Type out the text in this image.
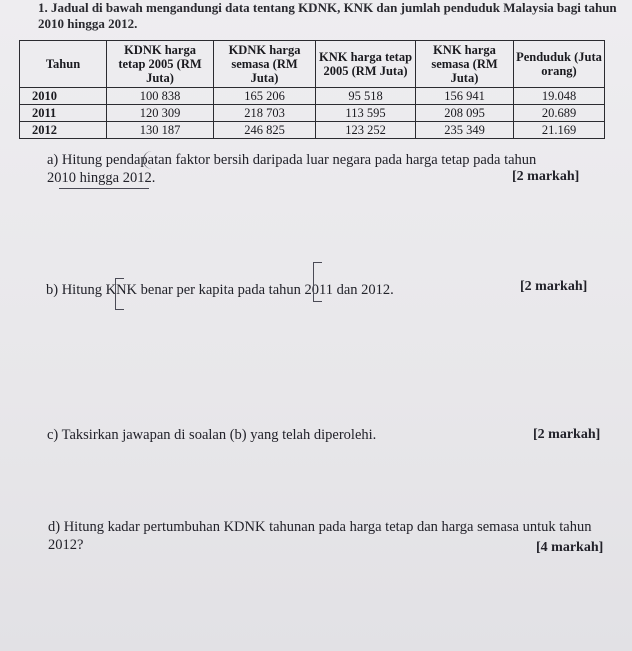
1. Jadual di bawah mengandungi data tentang KDNK, KNK dan jumlah penduduk Malaysia bagi tahun 2010 hingga 2012.
Tahun	KDNK harga tetap 2005 (RM Juta)	KDNK harga semasa (RM Juta)	KNK harga tetap 2005 (RM Juta)	KNK harga semasa (RM Juta)	Penduduk (Juta orang)
2010	100 838	165 206	95 518	156 941	19.048
2011	120 309	218 703	113 595	208 095	20.689
2012	130 187	246 825	123 252	235 349	21.169
a) Hitung pendapatan faktor bersih daripada luar negara pada harga tetap pada tahun 2010 hingga 2012.	[2 markah]
b) Hitung KNK benar per kapita pada tahun 2011 dan 2012.	[2 markah]
c) Taksirkan jawapan di soalan (b) yang telah diperolehi.	[2 markah]
d) Hitung kadar pertumbuhan KDNK tahunan pada harga tetap dan harga semasa untuk tahun 2012?	[4 markah]
